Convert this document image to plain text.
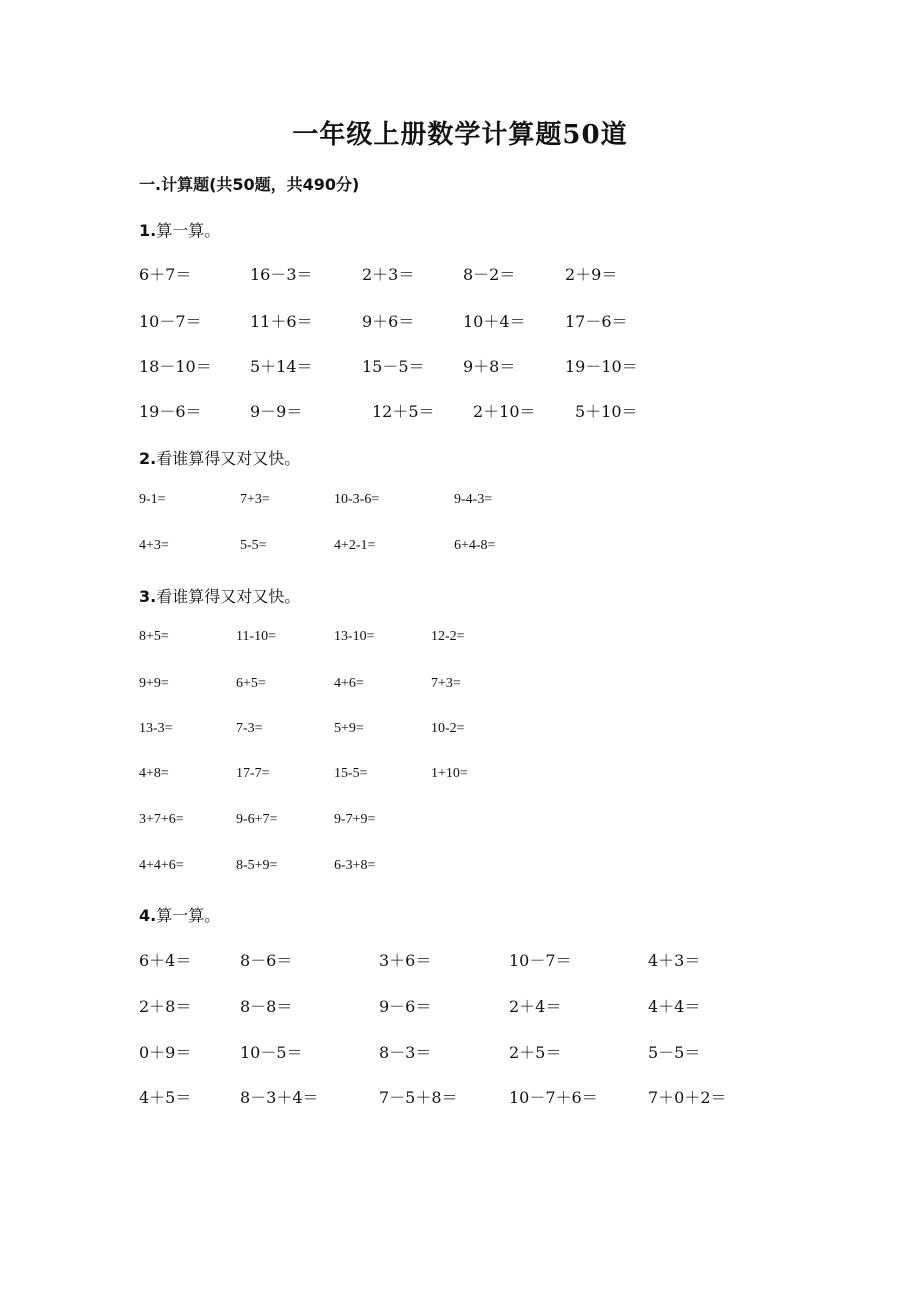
一年级上册数学计算题50道
一.计算题(共50题，共490分)
1.算一算。
6＋7＝	16－3＝	2＋3＝	8－2＝	2＋9＝
10－7＝	11＋6＝	9＋6＝	10＋4＝ 17－6＝
18－10＝ 5＋14＝	15－5＝ 9＋8＝	19－10＝
19－6＝	9－9＝	12＋5＝ 2＋10＝ 5＋10＝
2.看谁算得又对又快。
9-1=	7+3=	10-3-6=	9-4-3=
4+3=	5-5=	4+2-1=	6+4-8=
3.看谁算得又对又快。
8+5=	11-10=	13-10=	12-2=
9+9=	6+5=	4+6=	7+3=
13-3=	7-3=	5+9=	10-2=
4+8=	17-7=	15-5=	1+10=
3+7+6=	9-6+7=	9-7+9=
4+4+6=	8-5+9=	6-3+8=
4.算一算。
6＋4＝	8－6＝	3＋6＝	10－7＝	4＋3＝
2＋8＝	8－8＝	9－6＝	2＋4＝	4＋4＝
0＋9＝	10－5＝	8－3＝	2＋5＝	5－5＝
4＋5＝	8－3＋4＝	7－5＋8＝	10－7＋6＝	7＋0＋2＝
